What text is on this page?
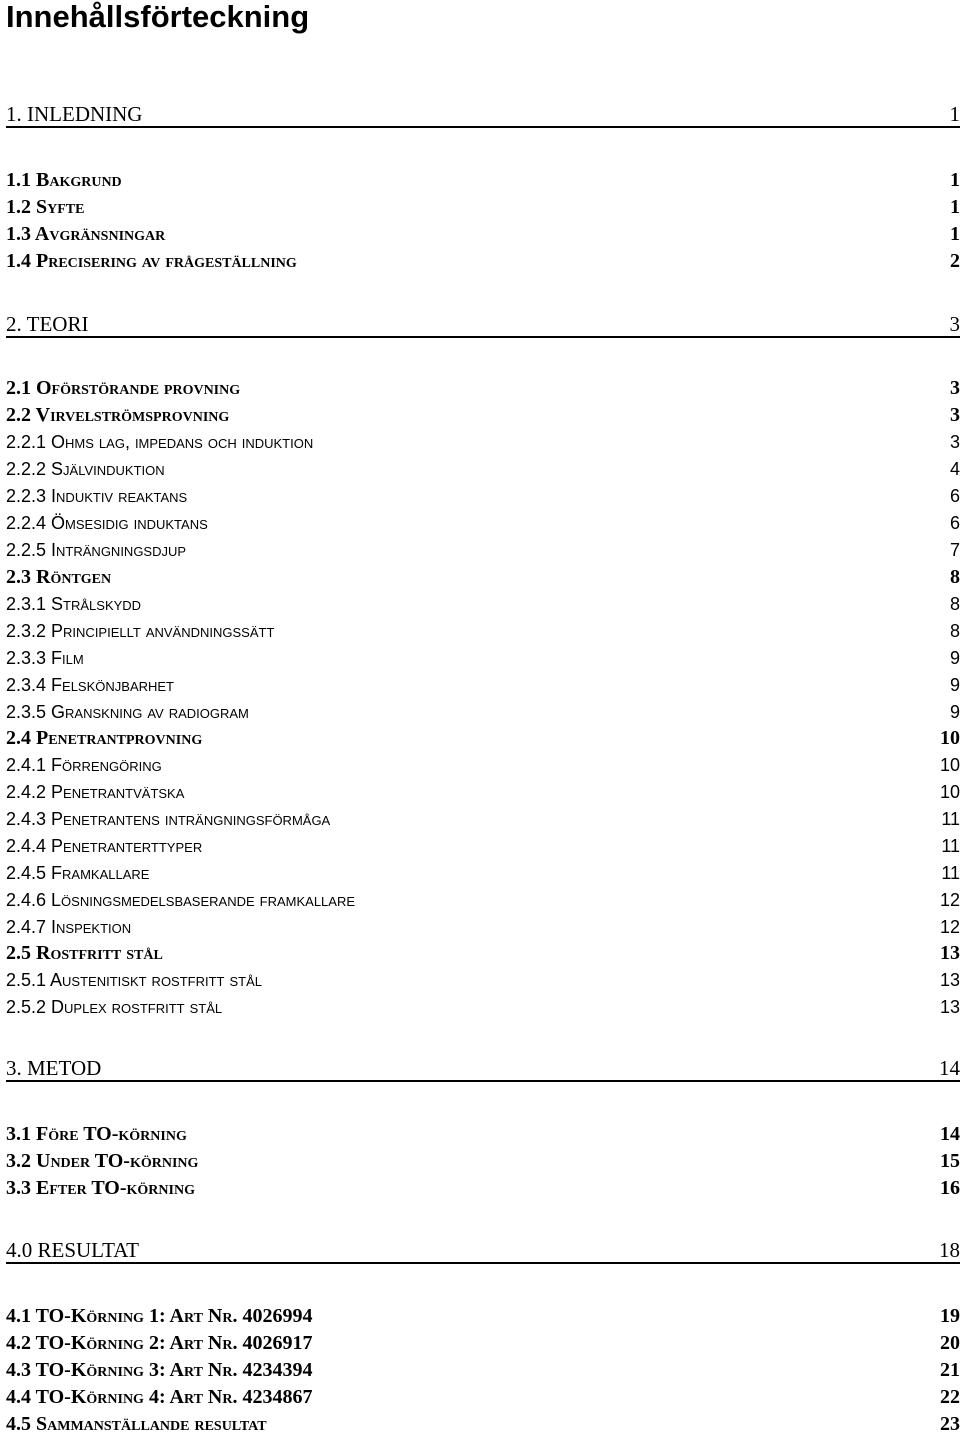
Innehållsförteckning
1. INLEDNING	1
1.1 Bakgrund	1
1.2 Syfte	1
1.3 Avgränsningar	1
1.4 Precisering av frågeställning	2
2. TEORI	3
2.1 Oförstörande provning	3
2.2 Virvelströmsprovning	3
2.2.1 Ohms lag, impedans och induktion	3
2.2.2 Självinduktion	4
2.2.3 Induktiv reaktans	6
2.2.4 Ömsesidig induktans	6
2.2.5 Inträngningsdjup	7
2.3 Röntgen	8
2.3.1 Strålskydd	8
2.3.2 Principiellt användningssätt	8
2.3.3 Film	9
2.3.4 Felskönjbarhet	9
2.3.5 Granskning av radiogram	9
2.4 Penetrantprovning	10
2.4.1 Förrengöring	10
2.4.2 Penetrantvätska	10
2.4.3 Penetrantens inträngningsförmåga	11
2.4.4 Penetranterttyper	11
2.4.5 Framkallare	11
2.4.6 Lösningsmedelsbaserande framkallare	12
2.4.7 Inspektion	12
2.5 Rostfritt stål	13
2.5.1 Austenitiskt rostfritt stål	13
2.5.2 Duplex rostfritt stål	13
3. METOD	14
3.1 Före TO-körning	14
3.2 Under TO-körning	15
3.3 Efter TO-körning	16
4.0 RESULTAT	18
4.1 TO-Körning 1: Art Nr. 4026994	19
4.2 TO-Körning 2: Art Nr. 4026917	20
4.3 TO-Körning 3: Art Nr. 4234394	21
4.4 TO-Körning 4: Art Nr. 4234867	22
4.5 Sammanställande resultat	23
